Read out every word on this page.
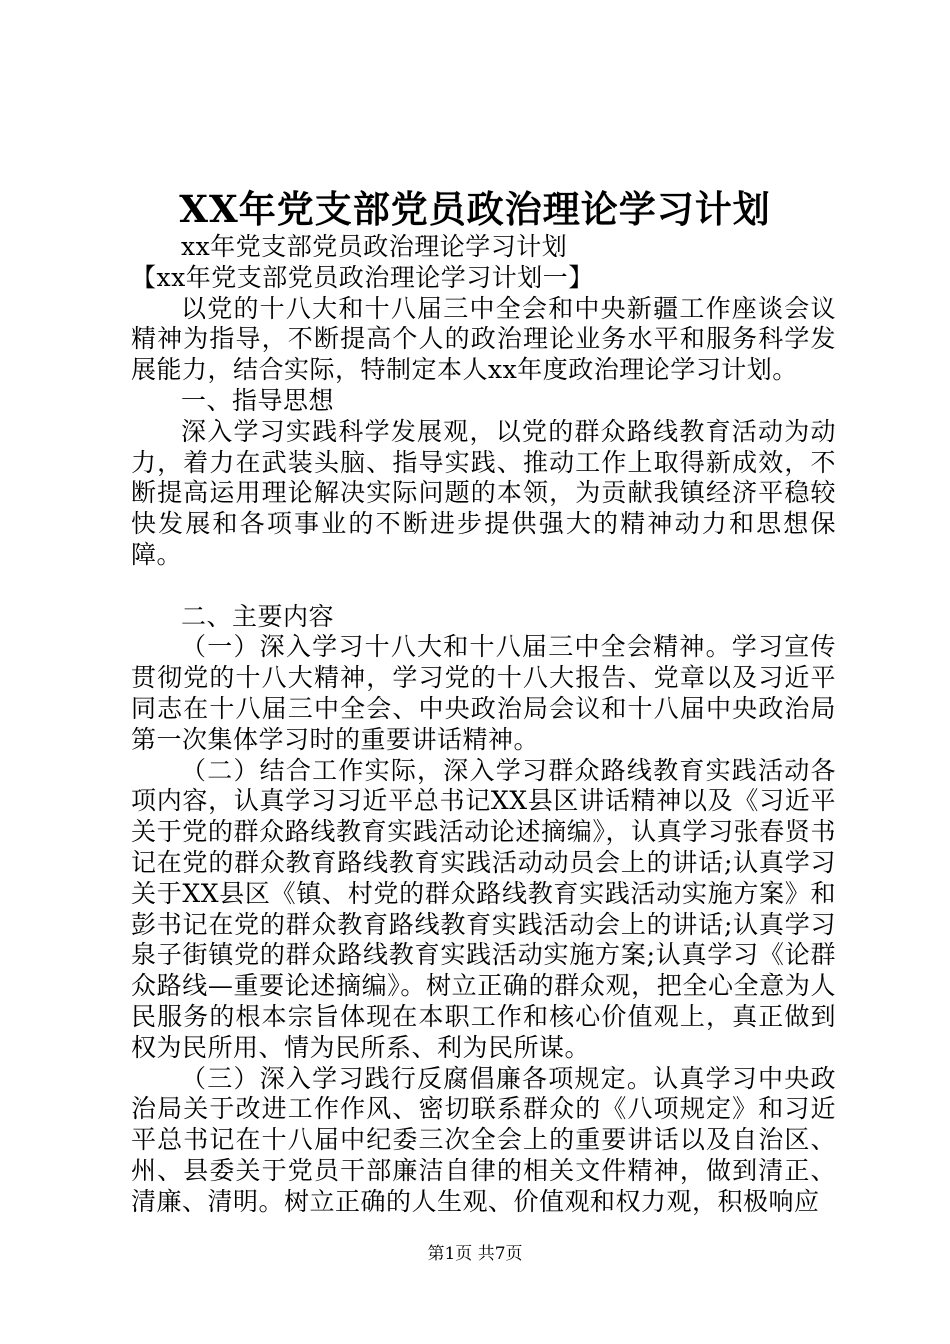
XX年党支部党员政治理论学习计划

xx年党支部党员政治理论学习计划

【xx年党支部党员政治理论学习计划一】

以党的十八大和十八届三中全会和中央新疆工作座谈会议精神为指导，不断提高个人的政治理论业务水平和服务科学发展能力，结合实际，特制定本人xx年度政治理论学习计划。

一、指导思想

深入学习实践科学发展观，以党的群众路线教育活动为动力，着力在武装头脑、指导实践、推动工作上取得新成效，不断提高运用理论解决实际问题的本领，为贡献我镇经济平稳较快发展和各项事业的不断进步提供强大的精神动力和思想保障。

二、主要内容

（一）深入学习十八大和十八届三中全会精神。学习宣传贯彻党的十八大精神，学习党的十八大报告、党章以及习近平同志在十八届三中全会、中央政治局会议和十八届中央政治局第一次集体学习时的重要讲话精神。

（二）结合工作实际，深入学习群众路线教育实践活动各项内容，认真学习习近平总书记XX县区讲话精神以及《习近平关于党的群众路线教育实践活动论述摘编》，认真学习张春贤书记在党的群众教育路线教育实践活动动员会上的讲话;认真学习关于XX县区《镇、村党的群众路线教育实践活动实施方案》和彭书记在党的群众教育路线教育实践活动会上的讲话;认真学习泉子街镇党的群众路线教育实践活动实施方案;认真学习《论群众路线—重要论述摘编》。树立正确的群众观，把全心全意为人民服务的根本宗旨体现在本职工作和核心价值观上，真正做到权为民所用、情为民所系、利为民所谋。

（三）深入学习践行反腐倡廉各项规定。认真学习中央政治局关于改进工作作风、密切联系群众的《八项规定》和习近平总书记在十八届中纪委三次全会上的重要讲话以及自治区、州、县委关于党员干部廉洁自律的相关文件精神，做到清正、清廉、清明。树立正确的人生观、价值观和权力观，积极响应

第1页 共7页
